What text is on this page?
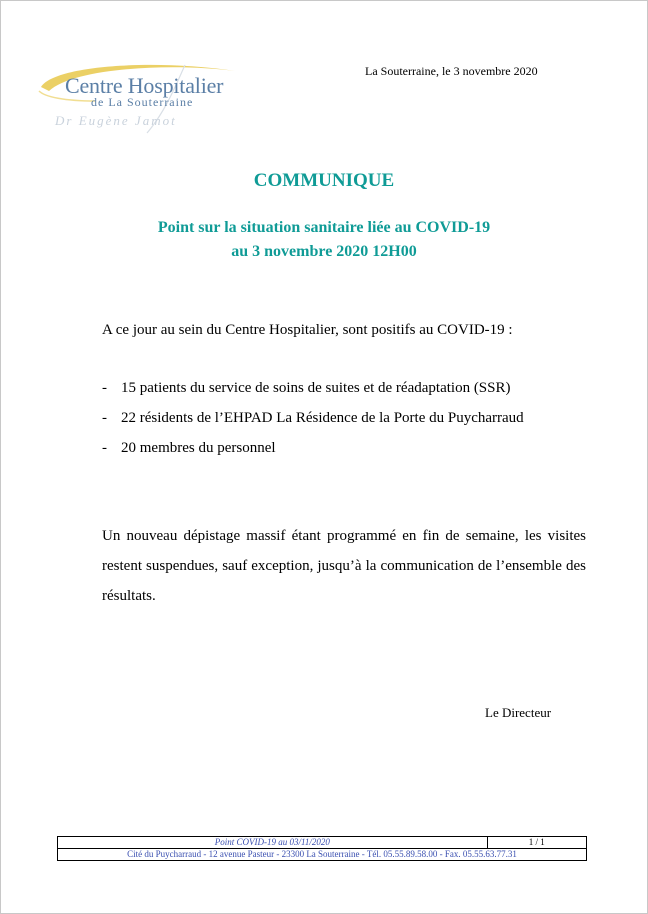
Centre Hospitalier
de La Souterraine
Dr Eugène Jamot
La Souterraine, le 3 novembre 2020
COMMUNIQUE
Point sur la situation sanitaire liée au COVID-19
au 3 novembre 2020 12H00
A ce jour au sein du Centre Hospitalier, sont positifs au COVID-19 :
- 15 patients du service de soins de suites et de réadaptation (SSR)
- 22 résidents de l’EHPAD La Résidence de la Porte du Puycharraud
- 20 membres du personnel
Un nouveau dépistage massif étant programmé en fin de semaine, les visites restent suspendues, sauf exception, jusqu’à la communication de l’ensemble des résultats.
Le Directeur
Point COVID-19 au 03/11/2020	1 / 1
Cité du Puycharraud - 12 avenue Pasteur - 23300 La Souterraine - Tél. 05.55.89.58.00 - Fax. 05.55.63.77.31
